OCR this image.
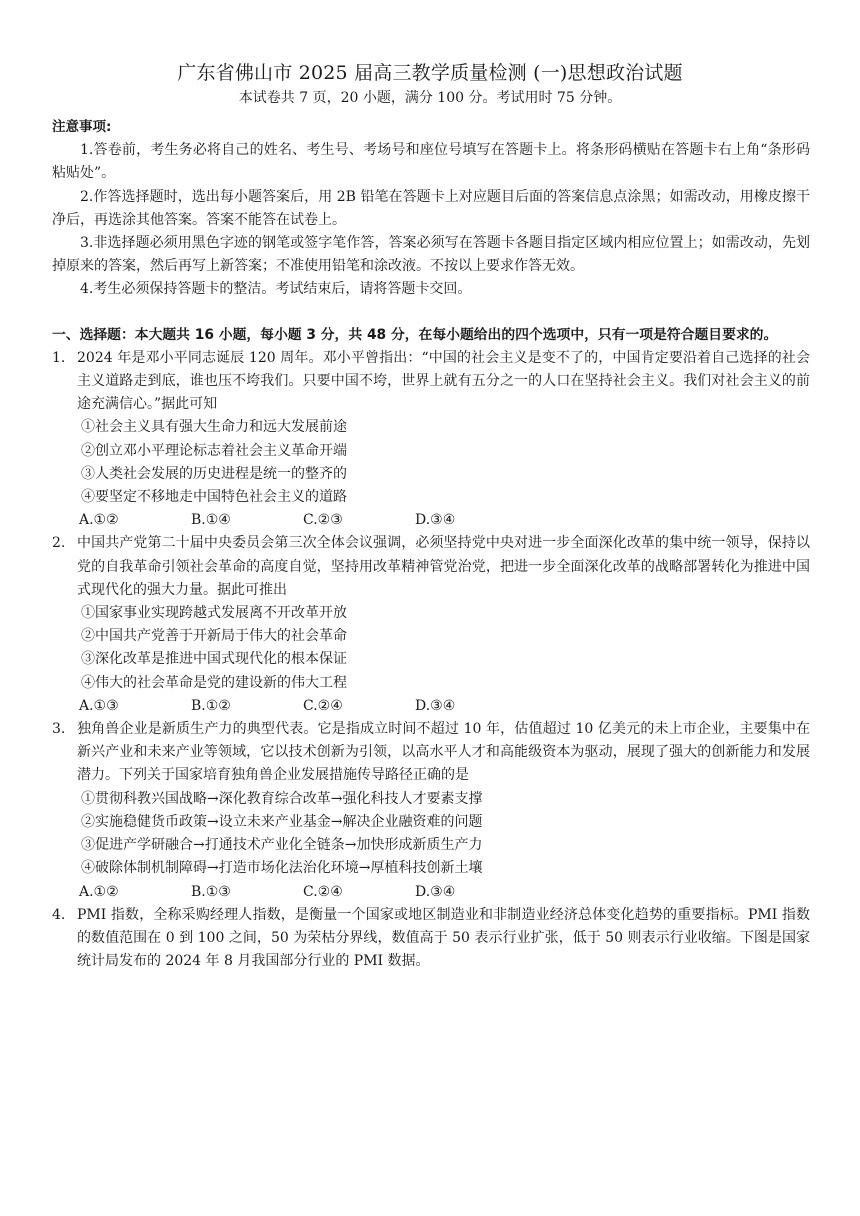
广东省佛山市 2025 届高三教学质量检测 (一)思想政治试题
本试卷共 7 页，20 小题，满分 100 分。考试用时 75 分钟。
注意事项:
1.答卷前，考生务必将自己的姓名、考生号、考场号和座位号填写在答题卡上。将条形码横贴在答题卡右上角“条形码粘贴处”。
2.作答选择题时，选出每小题答案后，用 2B 铅笔在答题卡上对应题目后面的答案信息点涂黑；如需改动，用橡皮擦干净后，再选涂其他答案。答案不能答在试卷上。
3.非选择题必须用黑色字迹的钢笔或签字笔作答，答案必须写在答题卡各题目指定区域内相应位置上；如需改动，先划掉原来的答案，然后再写上新答案；不准使用铅笔和涂改液。不按以上要求作答无效。
4.考生必须保持答题卡的整洁。考试结束后，请将答题卡交回。
一、选择题：本大题共 16 小题，每小题 3 分，共 48 分，在每小题给出的四个选项中，只有一项是符合题目要求的。
1. 2024 年是邓小平同志诞辰 120 周年。邓小平曾指出：“中国的社会主义是变不了的，中国肯定要沿着自己选择的社会主义道路走到底，谁也压不垮我们。只要中国不垮，世界上就有五分之一的人口在坚持社会主义。我们对社会主义的前途充满信心。”据此可知
①社会主义具有强大生命力和远大发展前途
②创立邓小平理论标志着社会主义革命开端
③人类社会发展的历史进程是统一的整齐的
④要坚定不移地走中国特色社会主义的道路
A.①②	B.①④	C.②③	D.③④
2. 中国共产党第二十届中央委员会第三次全体会议强调，必须坚持党中央对进一步全面深化改革的集中统一领导，保持以党的自我革命引领社会革命的高度自觉，坚持用改革精神管党治党，把进一步全面深化改革的战略部署转化为推进中国式现代化的强大力量。据此可推出
①国家事业实现跨越式发展离不开改革开放
②中国共产党善于开新局于伟大的社会革命
③深化改革是推进中国式现代化的根本保证
④伟大的社会革命是党的建设新的伟大工程
A.①③	B.①②	C.②④	D.③④
3. 独角兽企业是新质生产力的典型代表。它是指成立时间不超过 10 年，估值超过 10 亿美元的未上市企业，主要集中在新兴产业和未来产业等领域，它以技术创新为引领，以高水平人才和高能级资本为驱动，展现了强大的创新能力和发展潜力。下列关于国家培育独角兽企业发展措施传导路径正确的是
①贯彻科教兴国战略→深化教育综合改革→强化科技人才要素支撑
②实施稳健货币政策→设立未来产业基金→解决企业融资难的问题
③促进产学研融合→打通技术产业化全链条→加快形成新质生产力
④破除体制机制障碍→打造市场化法治化环境→厚植科技创新土壤
A.①②	B.①③	C.②④	D.③④
4. PMI 指数，全称采购经理人指数，是衡量一个国家或地区制造业和非制造业经济总体变化趋势的重要指标。PMI 指数的数值范围在 0 到 100 之间，50 为荣枯分界线，数值高于 50 表示行业扩张，低于 50 则表示行业收缩。下图是国家统计局发布的 2024 年 8 月我国部分行业的 PMI 数据。
